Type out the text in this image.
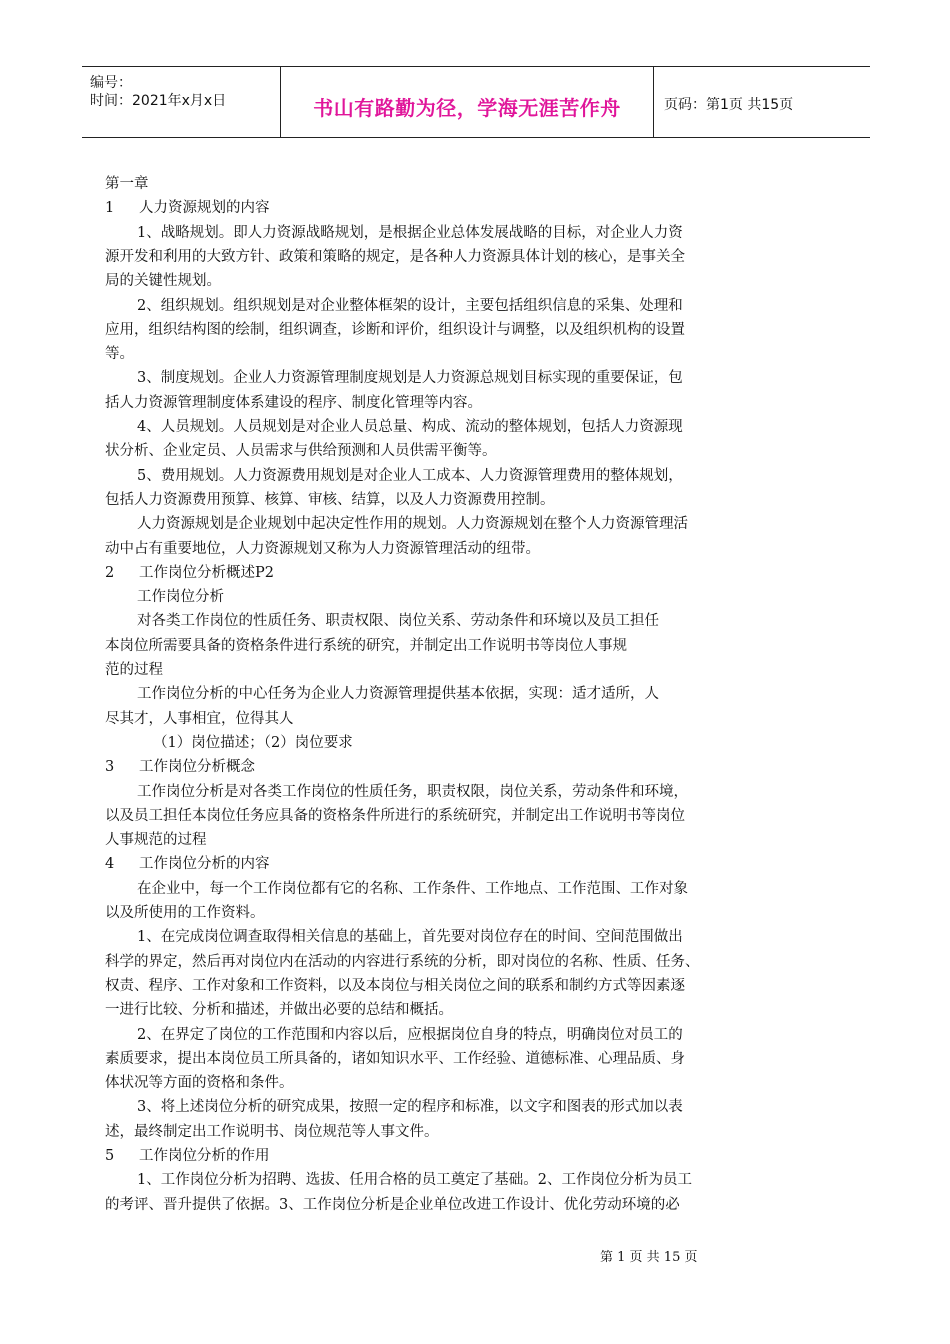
编号：
时间：2021年x月x日	书山有路勤为径，学海无涯苦作舟	页码：第1页 共15页
第一章
1 人力资源规划的内容
1、战略规划。即人力资源战略规划，是根据企业总体发展战略的目标，对企业人力资
源开发和利用的大致方针、政策和策略的规定，是各种人力资源具体计划的核心，是事关全
局的关键性规划。
2、组织规划。组织规划是对企业整体框架的设计，主要包括组织信息的采集、处理和
应用，组织结构图的绘制，组织调查，诊断和评价，组织设计与调整，以及组织机构的设置
等。
3、制度规划。企业人力资源管理制度规划是人力资源总规划目标实现的重要保证，包
括人力资源管理制度体系建设的程序、制度化管理等内容。
4、人员规划。人员规划是对企业人员总量、构成、流动的整体规划，包括人力资源现
状分析、企业定员、人员需求与供给预测和人员供需平衡等。
5、费用规划。人力资源费用规划是对企业人工成本、人力资源管理费用的整体规划，
包括人力资源费用预算、核算、审核、结算，以及人力资源费用控制。
人力资源规划是企业规划中起决定性作用的规划。人力资源规划在整个人力资源管理活
动中占有重要地位，人力资源规划又称为人力资源管理活动的纽带。
2 工作岗位分析概述P2
工作岗位分析
对各类工作岗位的性质任务、职责权限、岗位关系、劳动条件和环境以及员工担任
本岗位所需要具备的资格条件进行系统的研究，并制定出工作说明书等岗位人事规
范的过程
工作岗位分析的中心任务为企业人力资源管理提供基本依据，实现：适才适所，人
尽其才，人事相宜，位得其人
（1）岗位描述；（2）岗位要求
3 工作岗位分析概念
工作岗位分析是对各类工作岗位的性质任务，职责权限，岗位关系，劳动条件和环境，
以及员工担任本岗位任务应具备的资格条件所进行的系统研究，并制定出工作说明书等岗位
人事规范的过程
4 工作岗位分析的内容
在企业中，每一个工作岗位都有它的名称、工作条件、工作地点、工作范围、工作对象
以及所使用的工作资料。
1、在完成岗位调查取得相关信息的基础上，首先要对岗位存在的时间、空间范围做出
科学的界定，然后再对岗位内在活动的内容进行系统的分析，即对岗位的名称、性质、任务、
权责、程序、工作对象和工作资料，以及本岗位与相关岗位之间的联系和制约方式等因素逐
一进行比较、分析和描述，并做出必要的总结和概括。
2、在界定了岗位的工作范围和内容以后，应根据岗位自身的特点，明确岗位对员工的
素质要求，提出本岗位员工所具备的，诸如知识水平、工作经验、道德标准、心理品质、身
体状况等方面的资格和条件。
3、将上述岗位分析的研究成果，按照一定的程序和标准，以文字和图表的形式加以表
述，最终制定出工作说明书、岗位规范等人事文件。
5 工作岗位分析的作用
1、工作岗位分析为招聘、选拔、任用合格的员工奠定了基础。2、工作岗位分析为员工
的考评、晋升提供了依据。3、工作岗位分析是企业单位改进工作设计、优化劳动环境的必
第 1 页 共 15 页
